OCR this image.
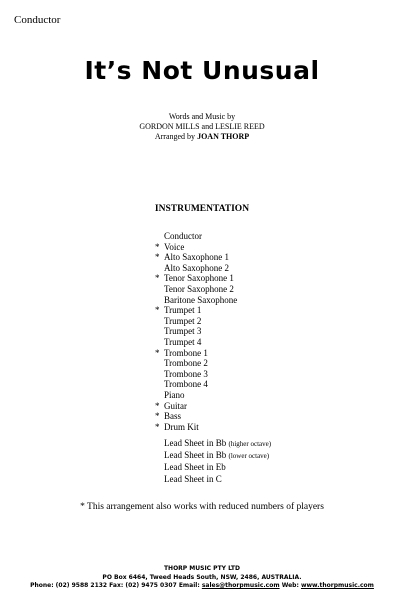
Conductor
It’s Not Unusual
Words and Music by
GORDON MILLS and LESLIE REED
Arranged by JOAN THORP
INSTRUMENTATION
Conductor
* Voice
* Alto Saxophone 1
Alto Saxophone 2
* Tenor Saxophone 1
Tenor Saxophone 2
Baritone Saxophone
* Trumpet 1
Trumpet 2
Trumpet 3
Trumpet 4
* Trombone 1
Trombone 2
Trombone 3
Trombone 4
Piano
* Guitar
* Bass
* Drum Kit
Lead Sheet in Bb (higher octave)
Lead Sheet in Bb (lower octave)
Lead Sheet in Eb
Lead Sheet in C
* This arrangement also works with reduced numbers of players
THORP MUSIC PTY LTD
PO Box 6464, Tweed Heads South, NSW, 2486, AUSTRALIA.
Phone: (02) 9588 2132 Fax: (02) 9475 0307 Email: sales@thorpmusic.com Web: www.thorpmusic.com
